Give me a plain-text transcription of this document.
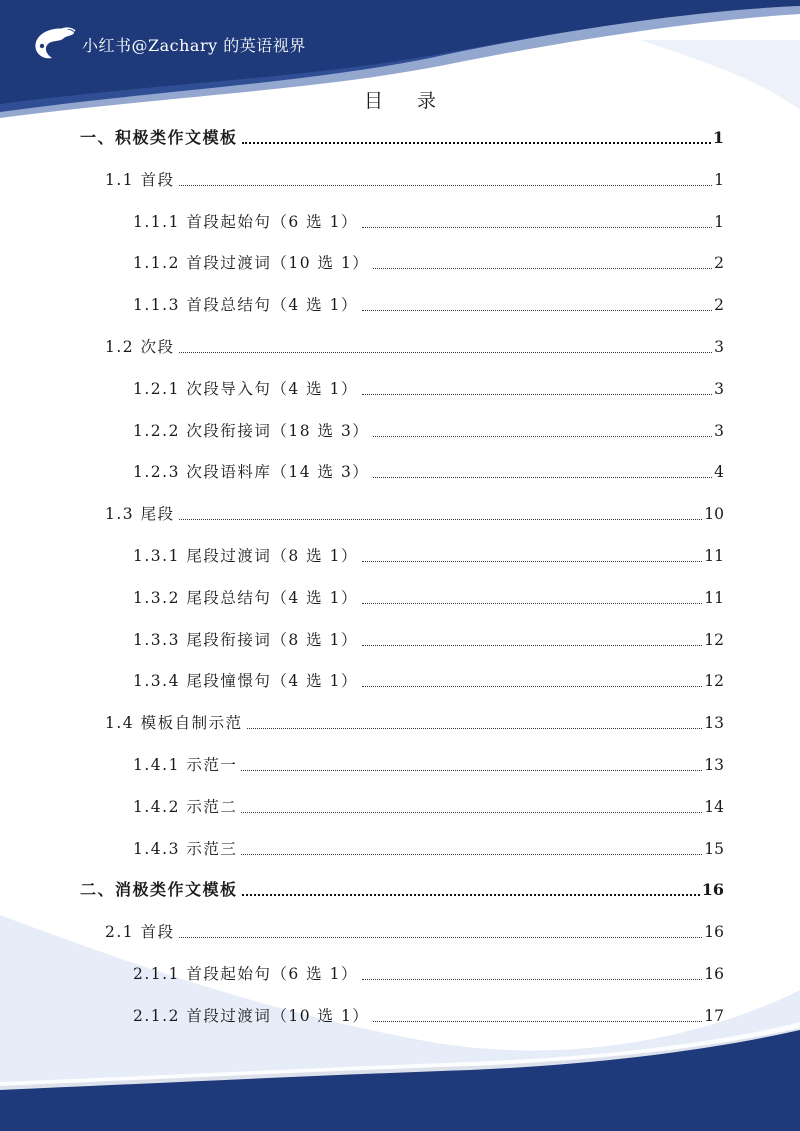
小红书@Zachary 的英语视界
目 录
一、积极类作文模板	1
1.1 首段	1
1.1.1 首段起始句（6 选 1）	1
1.1.2 首段过渡词（10 选 1）	2
1.1.3 首段总结句（4 选 1）	2
1.2 次段	3
1.2.1 次段导入句（4 选 1）	3
1.2.2 次段衔接词（18 选 3）	3
1.2.3 次段语料库（14 选 3）	4
1.3 尾段	10
1.3.1 尾段过渡词（8 选 1）	11
1.3.2 尾段总结句（4 选 1）	11
1.3.3 尾段衔接词（8 选 1）	12
1.3.4 尾段憧憬句（4 选 1）	12
1.4 模板自制示范	13
1.4.1 示范一	13
1.4.2 示范二	14
1.4.3 示范三	15
二、消极类作文模板	16
2.1 首段	16
2.1.1 首段起始句（6 选 1）	16
2.1.2 首段过渡词（10 选 1）	17
